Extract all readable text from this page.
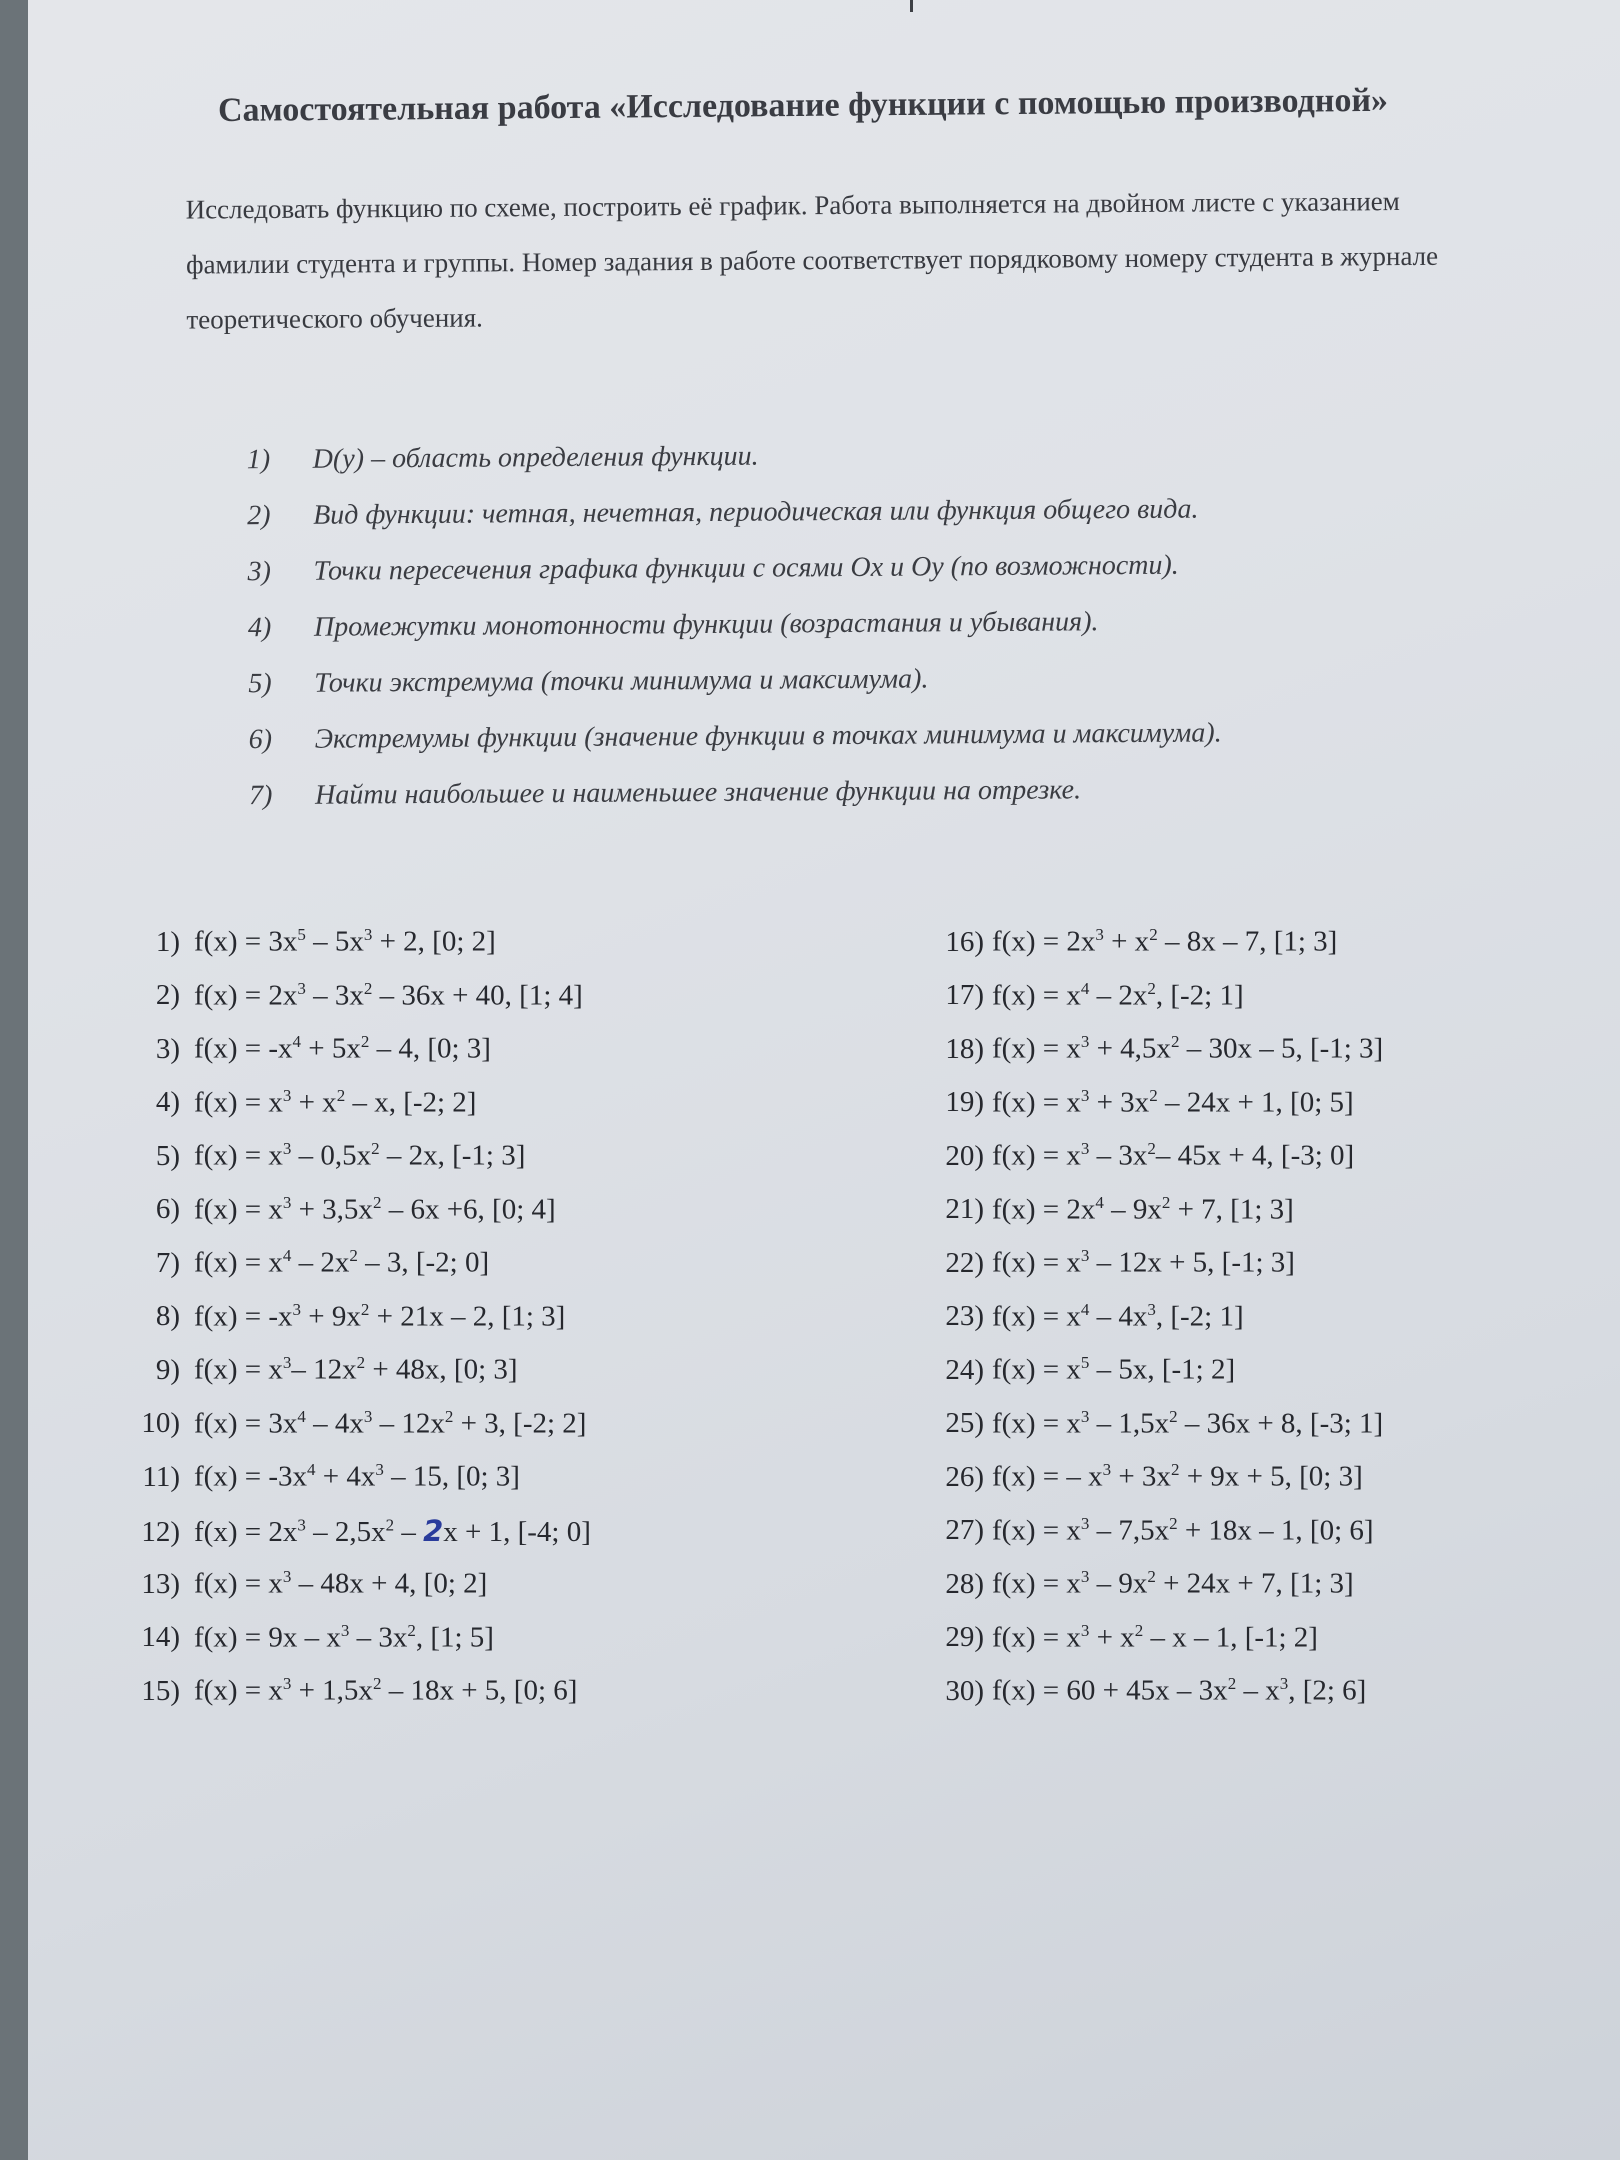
Самостоятельная работа «Исследование функции с помощью производной»
Исследовать функцию по схеме, построить её график. Работа выполняется на двойном листе с указанием фамилии студента и группы. Номер задания в работе соответствует порядковому номеру студента в журнале теоретического обучения.
1)	D(y) – область определения функции.
2)	Вид функции: четная, нечетная, периодическая или функция общего вида.
3)	Точки пересечения графика функции с осями Ох и Оу (по возможности).
4)	Промежутки монотонности функции (возрастания и убывания).
5)	Точки экстремума (точки минимума и максимума).
6)	Экстремумы функции (значение функции в точках минимума и максимума).
7)	Найти наибольшее и наименьшее значение функции на отрезке.
1) $f(x) = 3x^5 - 5x^3 + 2$, [0; 2]
2) $f(x) = 2x^3 - 3x^2 - 36x + 40$, [1; 4]
3) $f(x) = -x^4 + 5x^2 - 4$, [0; 3]
4) $f(x) = x^3 + x^2 - x$, [-2; 2]
5) $f(x) = x^3 - 0,5x^2 - 2x$, [-1; 3]
6) $f(x) = x^3 + 3,5x^2 - 6x +6$, [0; 4]
7) $f(x) = x^4 - 2x^2 - 3$, [-2; 0]
8) $f(x) = -x^3 + 9x^2 + 21x - 2$, [1; 3]
9) $f(x) = x^3-$ $12x^2 + 48x$, [0; 3]
10) $f(x) = 3x^4 - 4x^3 - 12x^2 + 3$, [-2; 2]
11) $f(x) = -3x^4 + 4x^3 - 15$, [0; 3]
12) $f(x) = 2x^3 - 2,5x^2 - 2x + 1$, [-4; 0]
13) $f(x) = x^3 - 48x + 4$, [0; 2]
14) $f(x) = 9x - x^3 - 3x^2$, [1; 5]
15) $f(x) = x^3 + 1,5x^2 - 18x + 5$, [0; 6]
16) $f(x) = 2x^3 + x^2 - 8x - 7$, [1; 3]
17) $f(x) = x^4 - 2x^2$, [-2; 1]
18) $f(x) = x^3 + 4,5x^2 - 30x - 5$, [-1; 3]
19) $f(x) = x^3 + 3x^2 - 24x + 1$, [0; 5]
20) $f(x) = x^3 - 3x^2-$ 45x + 4, [-3; 0]
21) $f(x) = 2x^4 - 9x^2 + 7$, [1; 3]
22) $f(x) = x^3 - 12x + 5$, [-1; 3]
23) $f(x) = x^4 - 4x^3$, [-2; 1]
24) $f(x) = x^5 - 5x$, [-1; 2]
25) $f(x) = x^3 - 1,5x^2 - 36x + 8$, [-3; 1]
26) f(x) = – $x^3 + 3x^2 + 9x + 5$, [0; 3]
27) $f(x) = x^3 - 7,5x^2 + 18x - 1$, [0; 6]
28) $f(x) = x^3 - 9x^2 + 24x + 7$, [1; 3]
29) $f(x) = x^3 + x^2 - x - 1$, [-1; 2]
30) $f(x) = 60 + 45x - 3x^2 - x^3$, [2; 6]
